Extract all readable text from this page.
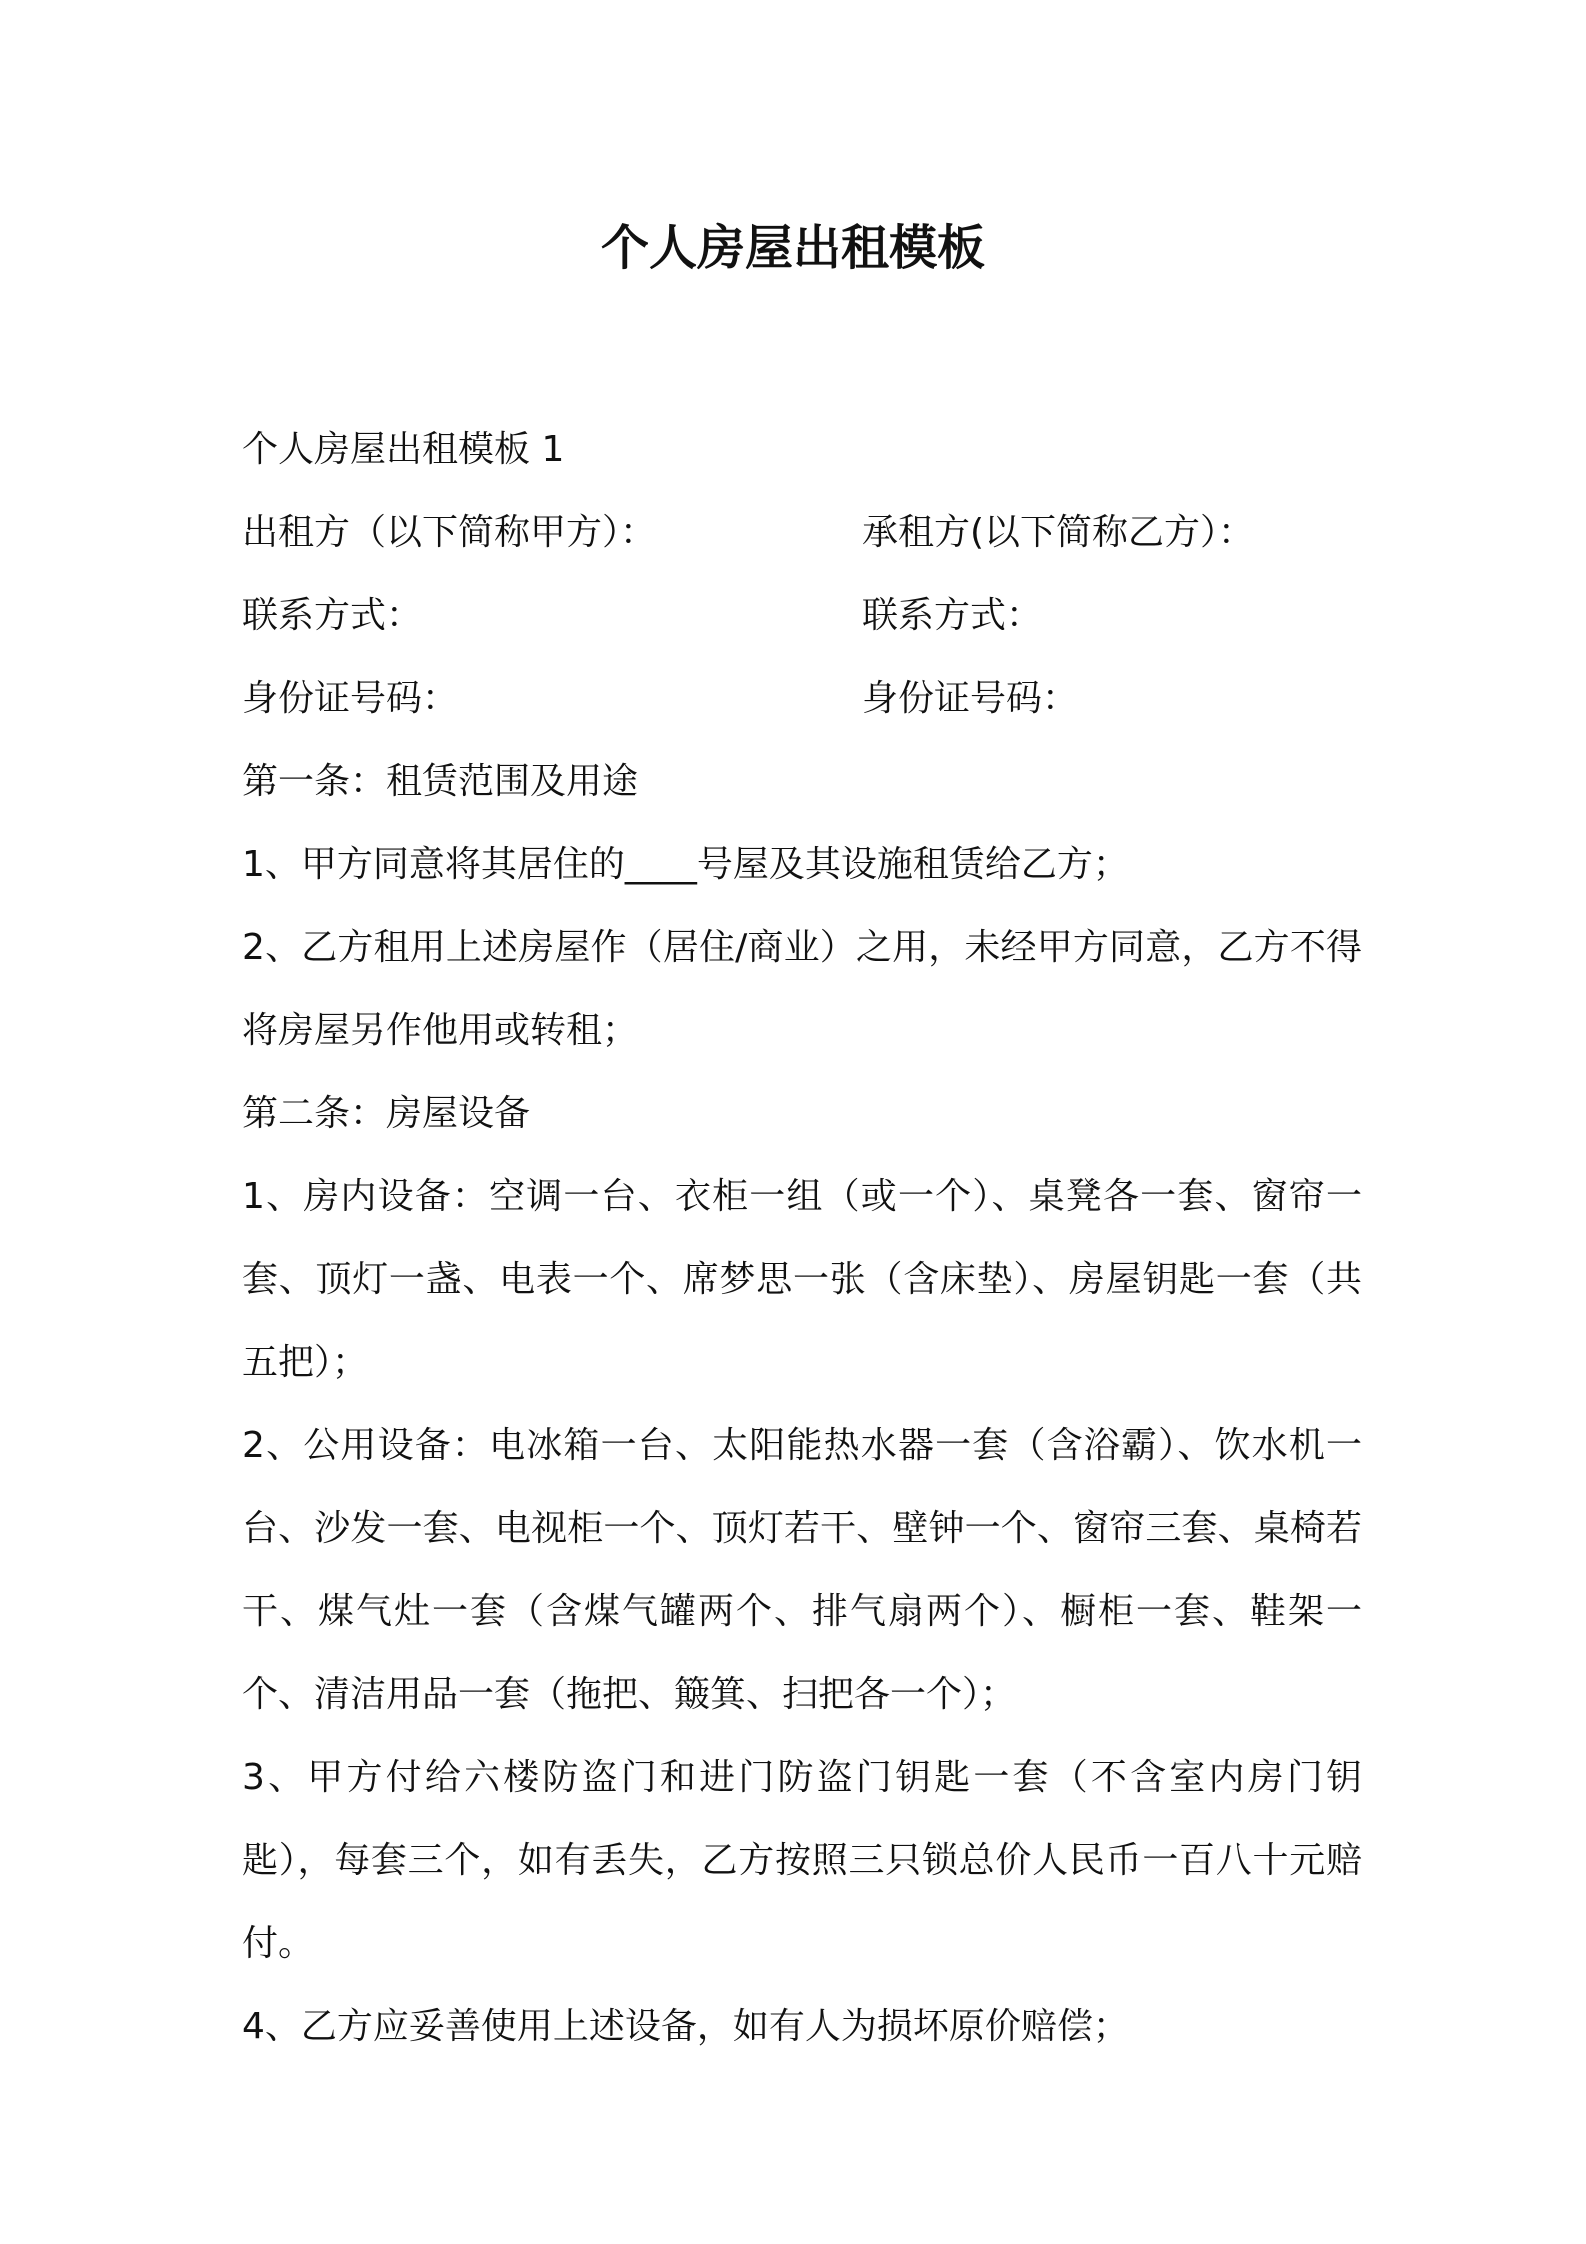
个人房屋出租模板

个人房屋出租模板 1

出租方（以下简称甲方）：	承租方(以下简称乙方）：
联系方式：	联系方式：
身份证号码：	身份证号码：

第一条：租赁范围及用途

1、甲方同意将其居住的____号屋及其设施租赁给乙方；

2、乙方租用上述房屋作（居住/商业）之用，未经甲方同意，乙方不得将房屋另作他用或转租；

第二条：房屋设备

1、房内设备：空调一台、衣柜一组（或一个）、桌凳各一套、窗帘一套、顶灯一盏、电表一个、席梦思一张（含床垫）、房屋钥匙一套（共五把）；

2、公用设备：电冰箱一台、太阳能热水器一套（含浴霸）、饮水机一台、沙发一套、电视柜一个、顶灯若干、壁钟一个、窗帘三套、桌椅若干、煤气灶一套（含煤气罐两个、排气扇两个）、橱柜一套、鞋架一个、清洁用品一套（拖把、簸箕、扫把各一个）；

3、甲方付给六楼防盗门和进门防盗门钥匙一套（不含室内房门钥匙），每套三个，如有丢失，乙方按照三只锁总价人民币一百八十元赔付。

4、乙方应妥善使用上述设备，如有人为损坏原价赔偿；
